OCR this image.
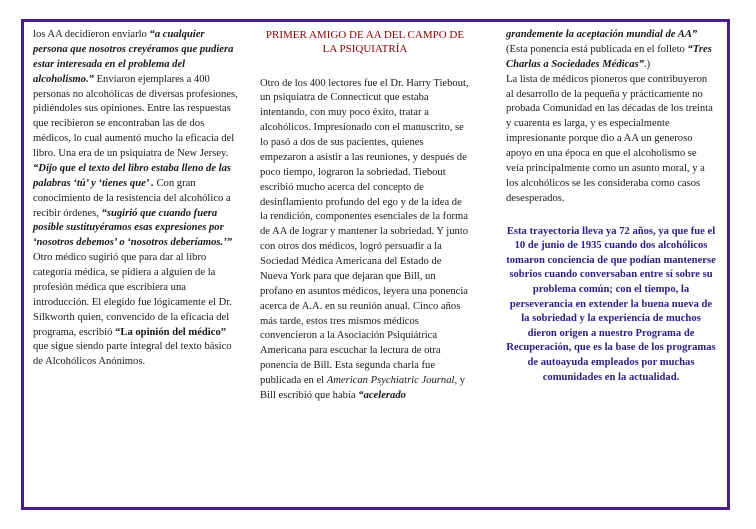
los AA decidieron enviarlo “a cualquier persona que nosotros creyéramos que pudiera estar interesada en el problema del alcoholismo.” Enviaron ejemplares a 400 personas no alcohólicas de diversas profesiones, pidiéndoles sus opiniones. Entre las respuestas que recibieron se encontraban las de dos médicos, lo cual aumentó mucho la eficacia del libro. Una era de un psiquiatra de New Jersey. “Dijo que el texto del libro estaba lleno de las palabras ‘tú’ y ‘tienes que’ . Con gran conocimiento de la resistencia del alcohólico a recibir órdenes, “sugirió que cuando fuera posible sustituyéramos esas expresiones por ‘nosotros debemos’ o ‘nosotros deberíamos.’”

Otro médico sugirió que para dar al libro categoría médica, se pidiera a alguien de la profesión médica que escribiera una introducción. El elegido fue lógicamente el Dr. Silkworth quien, convencido de la eficacia del programa, escribió “La opinión del médico” que sigue siendo parte integral del texto básico de Alcohólicos Anónimos.

PRIMER AMIGO DE AA DEL CAMPO DE LA PSIQUIATRÍA

Otro de los 400 lectores fue el Dr. Harry Tiebout, un psiquiatra de Connecticut que estaba intentando, con muy poco éxito, tratar a alcohólicos. Impresionado con el manuscrito, se lo pasó a dos de sus pacientes, quienes empezaron a asistir a las reuniones, y después de poco tiempo, lograron la sobriedad. Tiebout escribió mucho acerca del concepto de desinflamiento profundo del ego y de la idea de la rendición, componentes esenciales de la forma de AA de lograr y mantener la sobriedad. Y junto con otros dos médicos, logró persuadir a la Sociedad Médica Americana del Estado de Nueva York para que dejaran que Bill, un profano en asuntos médicos, leyera una ponencia acerca de A.A. en su reunión anual. Cinco años más tarde, estos tres mismos médicos convencieron a la Asociación Psiquiátrica Americana para escuchar la lectura de otra ponencia de Bill. Esta segunda charla fue publicada en el American Psychiatric Journal, y Bill escribió que había “acelerado

grandemente la aceptación mundial de AA” (Esta ponencia está publicada en el folleto “Tres Charlas a Sociedades Médicas”.)

La lista de médicos pioneros que contribuyeron al desarrollo de la pequeña y prácticamente no probada Comunidad en las décadas de los treinta y cuarenta es larga, y es especialmente impresionante porque dio a AA un generoso apoyo en una época en que el alcoholismo se veía principalmente como un asunto moral, y a los alcohólicos se les consideraba como casos desesperados.

Esta trayectoria lleva ya 72 años, ya que fue el 10 de junio de 1935 cuando dos alcohólicos tomaron conciencia de que podían mantenerse sobrios cuando conversaban entre sí sobre su problema común; con el tiempo, la perseverancia en extender la buena nueva de la sobriedad y la experiencia de muchos dieron origen a nuestro Programa de Recuperación, que es la base de los programas de autoayuda empleados por muchas comunidades en la actualidad.
